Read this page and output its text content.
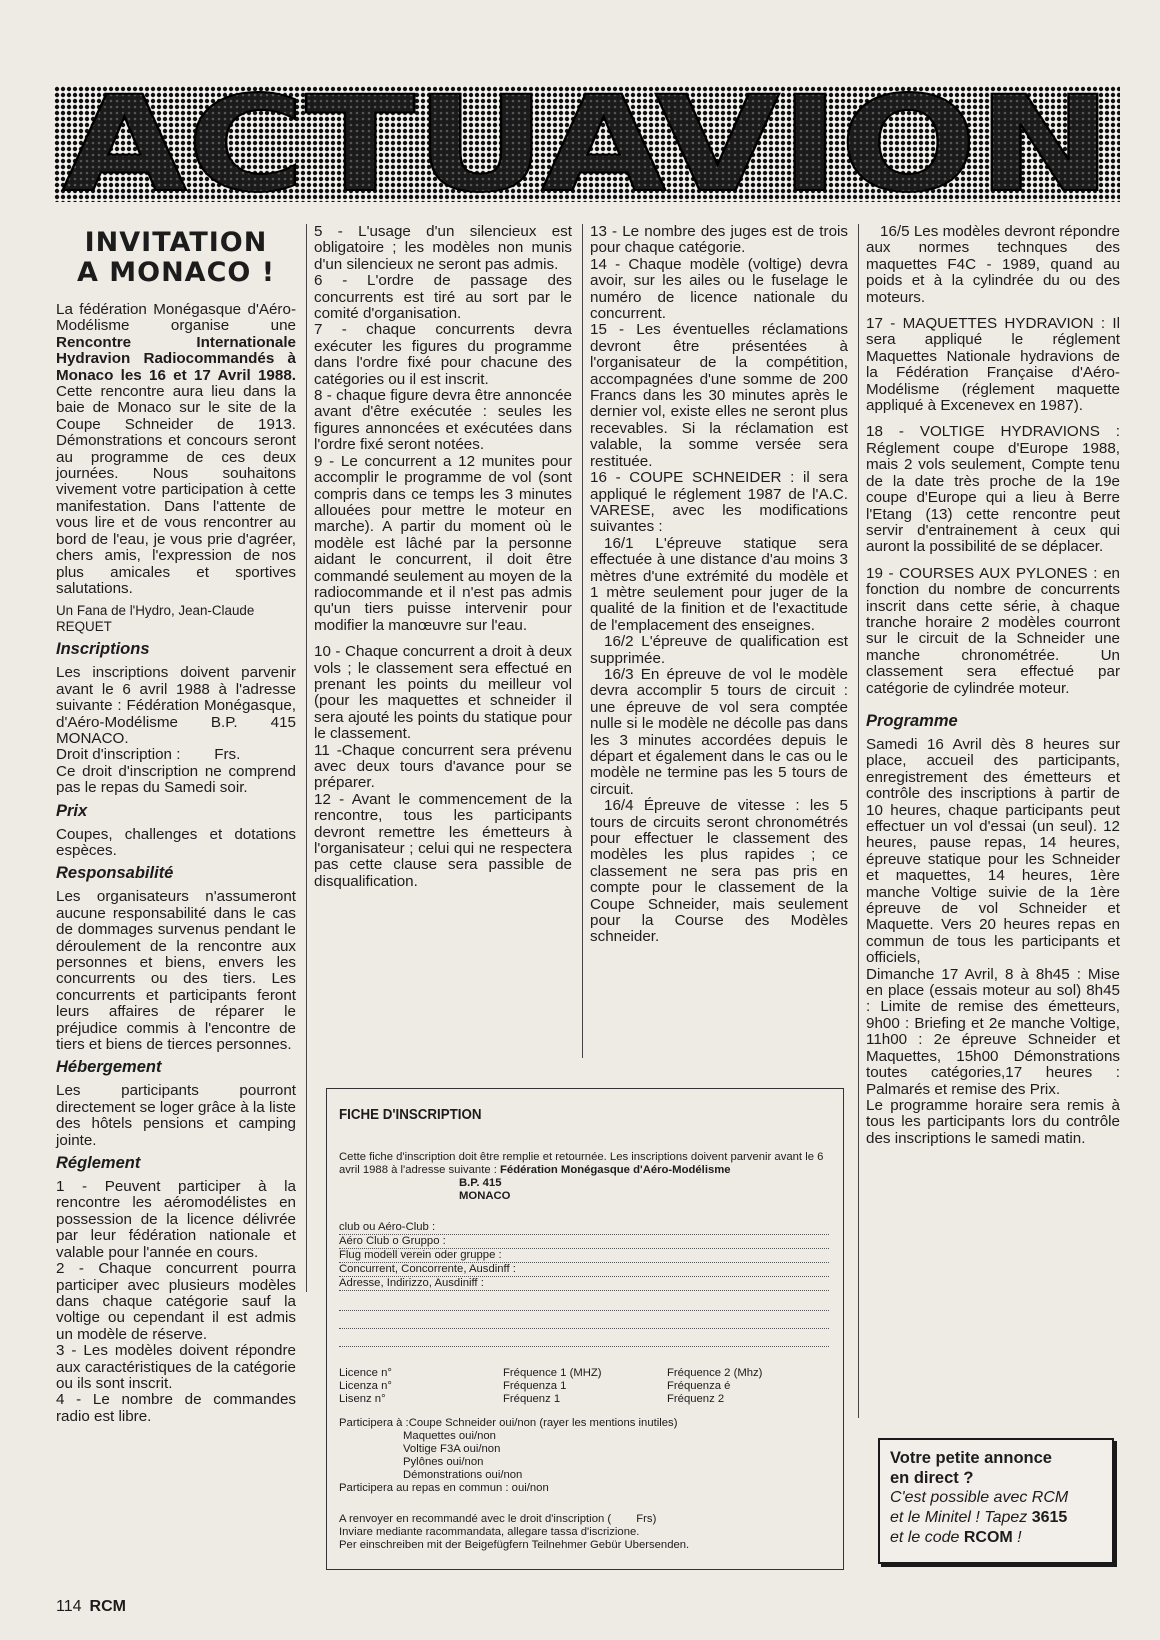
ACTUAVION
INVITATION
A MONACO !

La fédération Monégasque d'Aéro-Modélisme organise une Rencontre Internationale Hydravion Radiocommandés à Monaco les 16 et 17 Avril 1988. Cette rencontre aura lieu dans la baie de Monaco sur le site de la Coupe Schneider de 1913. Démonstrations et concours seront au programme de ces deux journées. Nous souhaitons vivement votre participation à cette manifestation. Dans l'attente de vous lire et de vous rencontrer au bord de l'eau, je vous prie d'agréer, chers amis, l'expression de nos plus amicales et sportives salutations.

Un Fana de l'Hydro, Jean-Claude REQUET

Inscriptions

Les inscriptions doivent parvenir avant le 6 avril 1988 à l'adresse suivante : Fédération Monégasque, d'Aéro-Modélisme B.P. 415 MONACO.

Droit d'inscription :        Frs.

Ce droit d'inscription ne comprend pas le repas du Samedi soir.

Prix

Coupes, challenges et dotations espèces.

Responsabilité

Les organisateurs n'assumeront aucune responsabilité dans le cas de dommages survenus pendant le déroulement de la rencontre aux personnes et biens, envers les concurrents ou des tiers. Les concurrents et participants feront leurs affaires de réparer le préjudice commis à l'encontre de tiers et biens de tierces personnes.

Hébergement

Les participants pourront directement se loger grâce à la liste des hôtels pensions et camping jointe.

Réglement

1 - Peuvent participer à la rencontre les aéromodélistes en possession de la licence délivrée par leur fédération nationale et valable pour l'année en cours.

2 - Chaque concurrent pourra participer avec plusieurs modèles dans chaque catégorie sauf la voltige ou cependant il est admis un modèle de réserve.

3 - Les modèles doivent répondre aux caractéristiques de la catégorie ou ils sont inscrit.

4 - Le nombre de commandes radio est libre.

5 - L'usage d'un silencieux est obligatoire ; les modèles non munis d'un silencieux ne seront pas admis.

6 - L'ordre de passage des concurrents est tiré au sort par le comité d'organisation.

7 - chaque concurrents devra exécuter les figures du programme dans l'ordre fixé pour chacune des catégories ou il est inscrit.

8 - chaque figure devra être annoncée avant d'être exécutée : seules les figures annoncées et exécutées dans l'ordre fixé seront notées.

9 - Le concurrent a 12 munites pour accomplir le programme de vol (sont compris dans ce temps les 3 minutes allouées pour mettre le moteur en marche). A partir du moment où le modèle est lâché par la personne aidant le concurrent, il doit être commandé seulement au moyen de la radiocommande et il n'est pas admis qu'un tiers puisse intervenir pour modifier la manœuvre sur l'eau.

10 - Chaque concurrent a droit à deux vols ; le classement sera effectué en prenant les points du meilleur vol (pour les maquettes et schneider il sera ajouté les points du statique pour le classement.

11 -Chaque concurrent sera prévenu avec deux tours d'avance pour se préparer.

12 - Avant le commencement de la rencontre, tous les participants devront remettre les émetteurs à l'organisateur ; celui qui ne respectera pas cette clause sera passible de disqualification.

13 - Le nombre des juges est de trois pour chaque catégorie.

14 - Chaque modèle (voltige) devra avoir, sur les ailes ou le fuselage le numéro de licence nationale du concurrent.

15 - Les éventuelles réclamations devront être présentées à l'organisateur de la compétition, accompagnées d'une somme de 200 Francs dans les 30 minutes après le dernier vol, existe elles ne seront plus recevables. Si la réclamation est valable, la somme versée sera restituée.

16 - COUPE SCHNEIDER : il sera appliqué le réglement 1987 de l'A.C. VARESE, avec les modifications suivantes :

16/1 L'épreuve statique sera effectuée à une distance d'au moins 3 mètres d'une extrémité du modèle et 1 mètre seulement pour juger de la qualité de la finition et de l'exactitude de l'emplacement des enseignes.

16/2 L'épreuve de qualification est supprimée.

16/3 En épreuve de vol le modèle devra accomplir 5 tours de circuit : une épreuve de vol sera comptée nulle si le modèle ne décolle pas dans les 3 minutes accordées depuis le départ et également dans le cas ou le modèle ne termine pas les 5 tours de circuit.

16/4 Épreuve de vitesse : les 5 tours de circuits seront chronométrés pour effectuer le classement des modèles les plus rapides ; ce classement ne sera pas pris en compte pour le classement de la Coupe Schneider, mais seulement pour la Course des Modèles schneider.

16/5 Les modèles devront répondre aux normes technques des maquettes F4C - 1989, quand au poids et à la cylindrée du ou des moteurs.

17 - MAQUETTES HYDRAVION : Il sera appliqué le réglement Maquettes Nationale hydravions de la Fédération Française d'Aéro-Modélisme (réglement maquette appliqué à Excenevex en 1987).

18 - VOLTIGE HYDRAVIONS : Réglement coupe d'Europe 1988, mais 2 vols seulement, Compte tenu de la date très proche de la 19e coupe d'Europe qui a lieu à Berre l'Etang (13) cette rencontre peut servir d'entrainement à ceux qui auront la possibilité de se déplacer.

19 - COURSES AUX PYLONES : en fonction du nombre de concurrents inscrit dans cette série, à chaque tranche horaire 2 modèles courront sur le circuit de la Schneider une manche chronométrée. Un classement sera effectué par catégorie de cylindrée moteur.

Programme

Samedi 16 Avril dès 8 heures sur place, accueil des participants, enregistrement des émetteurs et contrôle des inscriptions à partir de 10 heures, chaque participants peut effectuer un vol d'essai (un seul). 12 heures, pause repas, 14 heures, épreuve statique pour les Schneider et maquettes, 14 heures, 1ère manche Voltige suivie de la 1ère épreuve de vol Schneider et Maquette. Vers 20 heures repas en commun de tous les participants et officiels,

Dimanche 17 Avril, 8 à 8h45 : Mise en place (essais moteur au sol) 8h45 : Limite de remise des émetteurs, 9h00 : Briefing et 2e manche Voltige, 11h00 : 2e épreuve Schneider et Maquettes, 15h00 Démonstrations toutes catégories,17 heures : Palmarés et remise des Prix.

Le programme horaire sera remis à tous les participants lors du contrôle des inscriptions le samedi matin.

FICHE D'INSCRIPTION
Cette fiche d'inscription doit être remplie et retournée. Les inscriptions doivent parvenir avant le 6 avril 1988 à l'adresse suivante : Fédération Monégasque d'Aéro-Modélisme
B.P. 415
MONACO
club ou Aéro-Club :
Aéro Club o Gruppo :
Flug modell verein oder gruppe :
Concurrent, Concorrente, Ausdinff :
Adresse, Indirizzo, Ausdiniff :
Licence n°	Fréquence 1 (MHZ)	Fréquence 2 (Mhz)
Licenza n°	Fréquenza 1	Fréquenza é
Lisenz n°	Fréquenz 1	Fréquenz 2
Participera à :Coupe Schneider oui/non (rayer les mentions inutiles)
Maquettes oui/non
Voltige F3A oui/non
Pylônes oui/non
Démonstrations oui/non
Participera au repas en commun : oui/non
A renvoyer en recommandé avec le droit d'inscription (        Frs)
Inviare mediante racommandata, allegare tassa d'iscrizione.
Per einschreiben mit der Beigefügfern Teilnehmer Gebür Ubersenden.
Votre petite annonce
en direct ?
C'est possible avec RCM
et le Minitel ! Tapez 3615
et le code RCOM !
114 RCM
